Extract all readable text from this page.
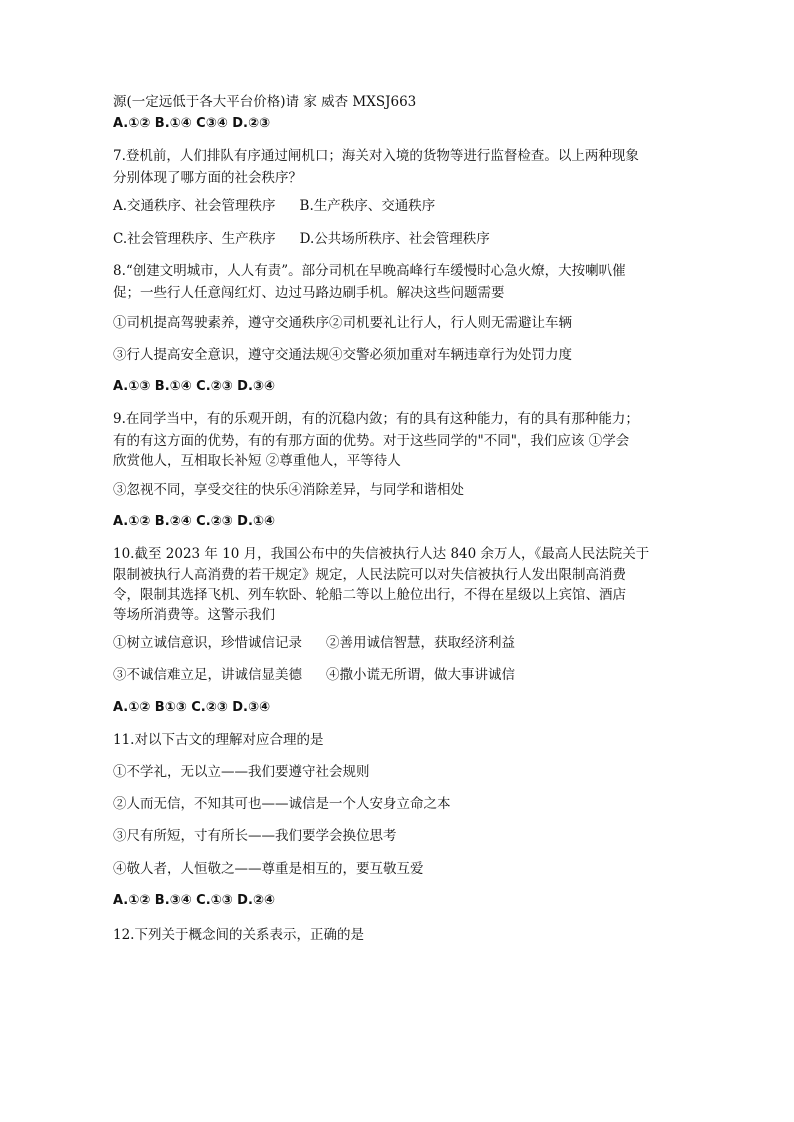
源(一定远低于各大平台价格)请 家 威杏 MXSJ663
A.①② B.①④ C③④ D.②③
7.登机前，人们排队有序通过闸机口；海关对入境的货物等进行监督检查。以上两种现象
分别体现了哪方面的社会秩序？
A.交通秩序、社会管理秩序 B.生产秩序、交通秩序
C.社会管理秩序、生产秩序 D.公共场所秩序、社会管理秩序
8.“创建文明城市，人人有责”。部分司机在早晚高峰行车缓慢时心急火燎，大按喇叭催
促；一些行人任意闯红灯、边过马路边刷手机。解决这些问题需要
①司机提高驾驶素养，遵守交通秩序②司机要礼让行人，行人则无需避让车辆
③行人提高安全意识，遵守交通法规④交警必须加重对车辆违章行为处罚力度
A.①③ B.①④ C.②③ D.③④
9.在同学当中，有的乐观开朗，有的沉稳内敛；有的具有这种能力，有的具有那种能力；
有的有这方面的优势，有的有那方面的优势。对于这些同学的"不同"，我们应该 ①学会
欣赏他人，互相取长补短 ②尊重他人，平等待人
③忽视不同，享受交往的快乐④消除差异，与同学和谐相处
A.①② B.②④ C.②③ D.①④
10.截至 2023 年 10 月，我国公布中的失信被执行人达 840 余万人，《最高人民法院关于
限制被执行人高消费的若干规定》规定，人民法院可以对失信被执行人发出限制高消费
令，限制其选择飞机、列车软卧、轮船二等以上舱位出行，不得在星级以上宾馆、酒店
等场所消费等。这警示我们
①树立诚信意识，珍惜诚信记录 ②善用诚信智慧，获取经济利益
③不诚信难立足，讲诚信显美德 ④撒小谎无所谓，做大事讲诚信
A.①② B①③ C.②③ D.③④
11.对以下古文的理解对应合理的是
①不学礼，无以立——我们要遵守社会规则
②人而无信，不知其可也——诚信是一个人安身立命之本
③尺有所短，寸有所长——我们要学会换位思考
④敬人者，人恒敬之——尊重是相互的，要互敬互爱
A.①② B.③④ C.①③ D.②④
12.下列关于概念间的关系表示，正确的是
